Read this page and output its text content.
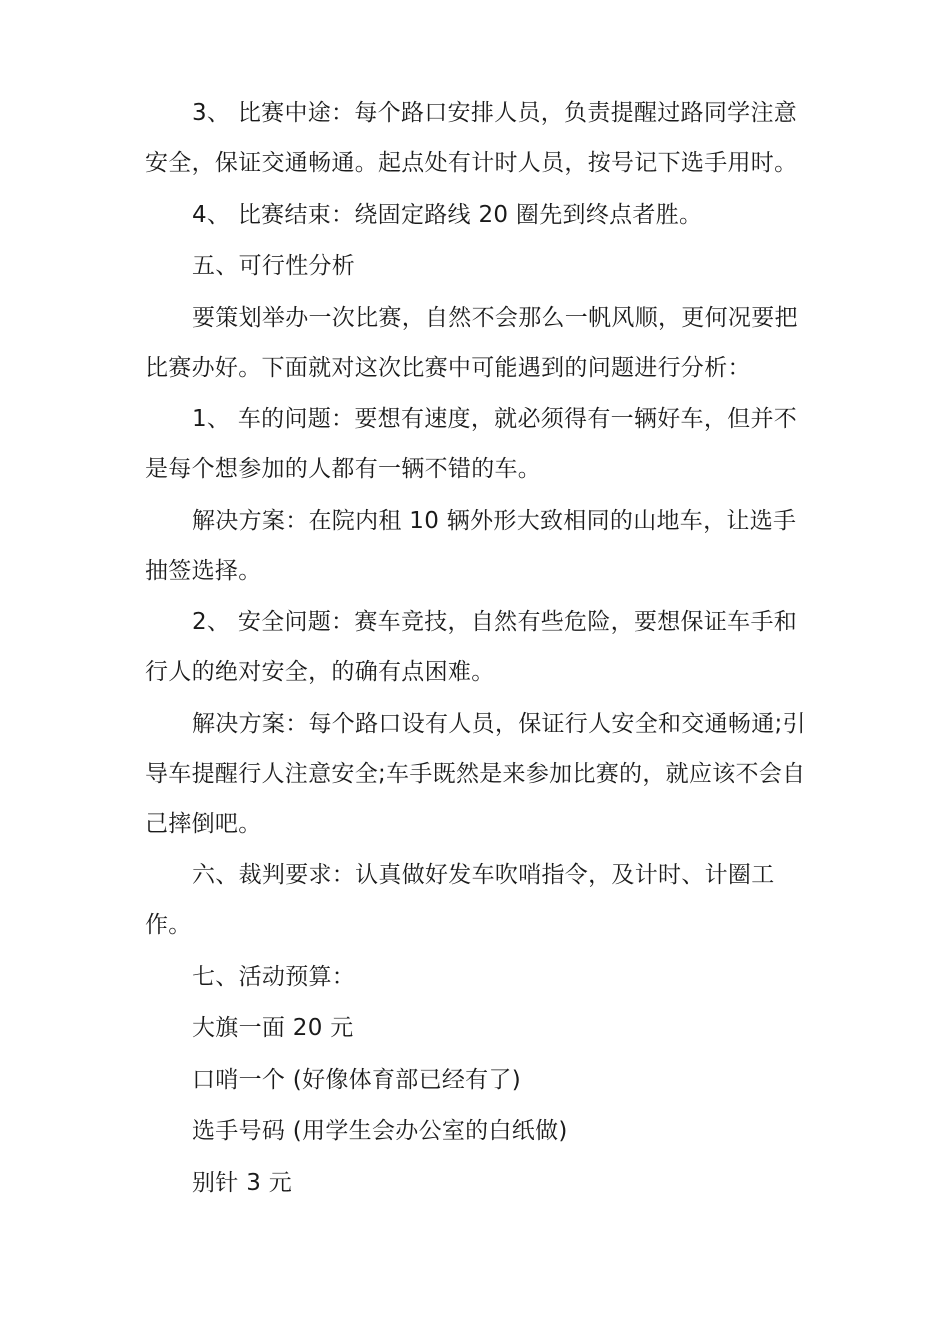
3、 比赛中途：每个路口安排人员，负责提醒过路同学注意安全，保证交通畅通。起点处有计时人员，按号记下选手用时。

4、 比赛结束：绕固定路线 20 圈先到终点者胜。

五、可行性分析

要策划举办一次比赛，自然不会那么一帆风顺，更何况要把比赛办好。下面就对这次比赛中可能遇到的问题进行分析：

1、 车的问题：要想有速度，就必须得有一辆好车，但并不是每个想参加的人都有一辆不错的车。

解决方案：在院内租 10 辆外形大致相同的山地车，让选手抽签选择。

2、 安全问题：赛车竞技，自然有些危险，要想保证车手和行人的绝对安全，的确有点困难。

解决方案：每个路口设有人员，保证行人安全和交通畅通;引导车提醒行人注意安全;车手既然是来参加比赛的，就应该不会自己摔倒吧。

六、裁判要求：认真做好发车吹哨指令，及计时、计圈工作。

七、活动预算：

大旗一面 20 元

口哨一个 (好像体育部已经有了)

选手号码 (用学生会办公室的白纸做)

别针 3 元
